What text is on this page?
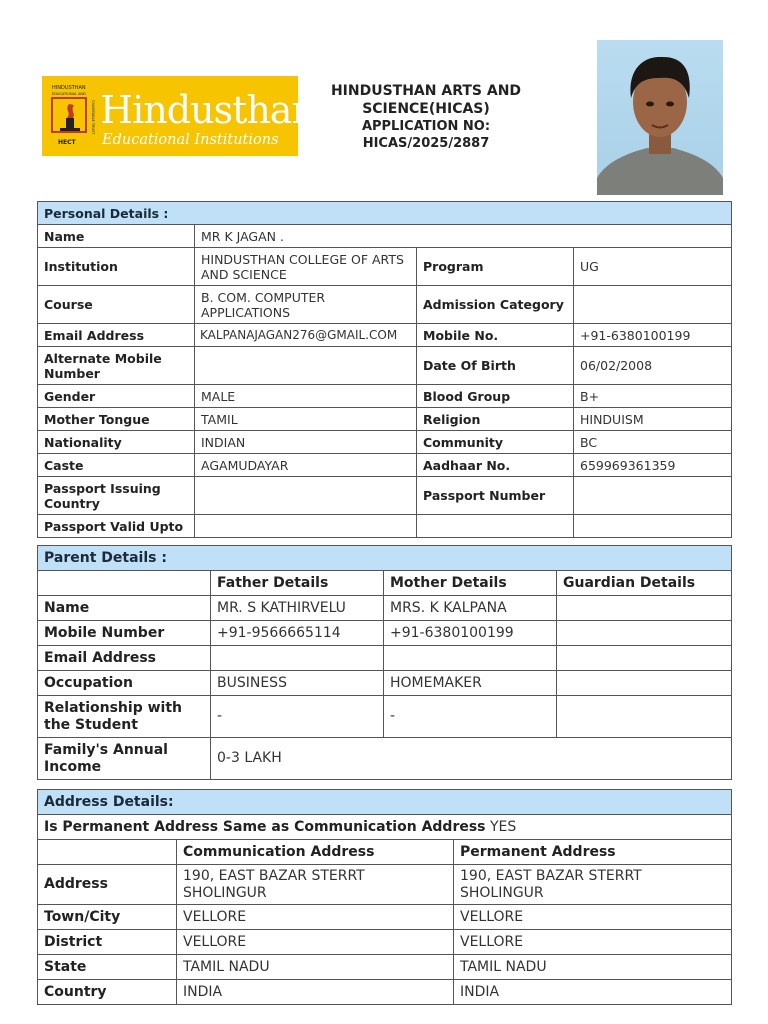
HINDUSTHAN
EDUCATIONAL AND
HECT
CHARITABLE TRUST Hindusthan
Educational Institutions
HINDUSTHAN ARTS AND
SCIENCE(HICAS)
APPLICATION NO:
HICAS/2025/2887
Personal Details :			
Name	MR K JAGAN .		
Institution	HINDUSTHAN COLLEGE OF ARTS AND SCIENCE	Program	UG
Course	B. COM. COMPUTER APPLICATIONS	Admission Category	
Email Address	KALPANAJAGAN276@GMAIL.COM	Mobile No.	+91-6380100199
Alternate Mobile Number		Date Of Birth	06/02/2008
Gender	MALE	Blood Group	B+
Mother Tongue	TAMIL	Religion	HINDUISM
Nationality	INDIAN	Community	BC
Caste	AGAMUDAYAR	Aadhaar No.	659969361359
Passport Issuing Country		Passport Number	
Passport Valid Upto			
Parent Details :			
	Father Details	Mother Details	Guardian Details
Name	MR. S KATHIRVELU	MRS. K KALPANA	
Mobile Number	+91-9566665114	+91-6380100199	
Email Address			
Occupation	BUSINESS	HOMEMAKER	
Relationship with the Student	-	-	
Family's Annual Income	0-3 LAKH		
Address Details:		
Is Permanent Address Same as Communication Address YES		
	Communication Address	Permanent Address
Address	190, EAST BAZAR STERRT SHOLINGUR	190, EAST BAZAR STERRT SHOLINGUR
Town/City	VELLORE	VELLORE
District	VELLORE	VELLORE
State	TAMIL NADU	TAMIL NADU
Country	INDIA	INDIA
